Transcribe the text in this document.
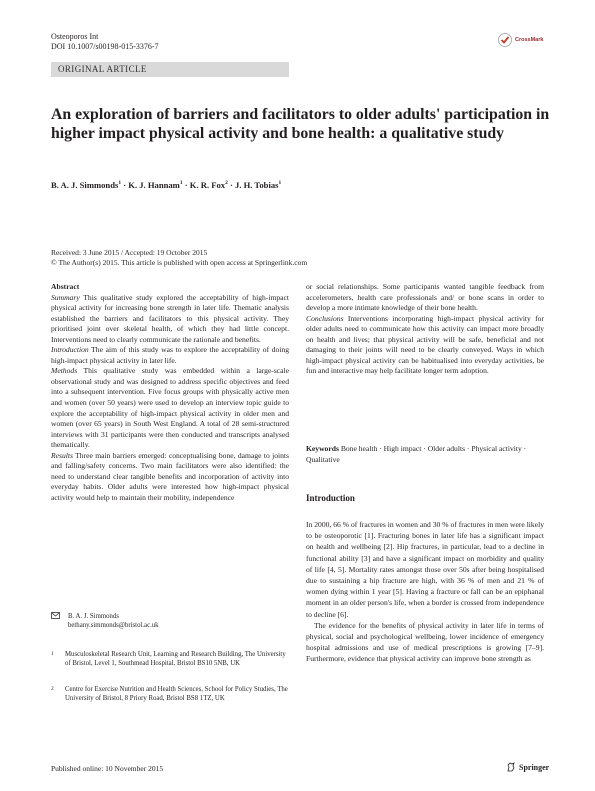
Osteoporos Int
DOI 10.1007/s00198-015-3376-7
CrossMark
ORIGINAL ARTICLE
An exploration of barriers and facilitators to older adults' participation in higher impact physical activity and bone health: a qualitative study
B. A. J. Simmonds$^1$ · K. J. Hannam$^1$ · K. R. Fox$^2$ · J. H. Tobias$^1$
Received: 3 June 2015 / Accepted: 19 October 2015
© The Author(s) 2015. This article is published with open access at Springerlink.com

Abstract

Summary This qualitative study explored the acceptability of high-impact physical activity for increasing bone strength in later life. Thematic analysis established the barriers and facilitators to this physical activity. They prioritised joint over skeletal health, of which they had little concept. Interventions need to clearly communicate the rationale and benefits.

Introduction The aim of this study was to explore the acceptability of doing high-impact physical activity in later life.

Methods This qualitative study was embedded within a large-scale observational study and was designed to address specific objectives and feed into a subsequent intervention. Five focus groups with physically active men and women (over 50 years) were used to develop an interview topic guide to explore the acceptability of high-impact physical activity in older men and women (over 65 years) in South West England. A total of 28 semi-structured interviews with 31 participants were then conducted and transcripts analysed thematically.

Results Three main barriers emerged: conceptualising bone, damage to joints and falling/safety concerns. Two main facilitators were also identified: the need to understand clear tangible benefits and incorporation of activity into everyday habits. Older adults were interested how high-impact physical activity would help to maintain their mobility, independence

or social relationships. Some participants wanted tangible feedback from accelerometers, health care professionals and/ or bone scans in order to develop a more intimate knowledge of their bone health.

Conclusions Interventions incorporating high-impact physical activity for older adults need to communicate how this activity can impact more broadly on health and lives; that physical activity will be safe, beneficial and not damaging to their joints will need to be clearly conveyed. Ways in which high-impact physical activity can be habitualised into everyday activities, be fun and interactive may help facilitate longer term adoption.

Keywords Bone health · High impact · Older adults · Physical activity · Qualitative
Introduction

In 2000, 66 % of fractures in women and 30 % of fractures in men were likely to be osteoporotic [1]. Fracturing bones in later life has a significant impact on health and wellbeing [2]. Hip fractures, in particular, lead to a decline in functional ability [3] and have a significant impact on morbidity and quality of life [4, 5]. Mortality rates amongst those over 50s after being hospitalised due to sustaining a hip fracture are high, with 36 % of men and 21 % of women dying within 1 year [5]. Having a fracture or fall can be an epiphanal moment in an older person's life, when a border is crossed from independence to decline [6].

The evidence for the benefits of physical activity in later life in terms of physical, social and psychological wellbeing, lower incidence of emergency hospital admissions and use of medical prescriptions is growing [7–9]. Furthermore, evidence that physical activity can improve bone strength as

B. A. J. Simmonds
bethany.simmonds@bristol.ac.uk
1	Musculoskeletal Research Unit, Learning and Research Building, The University of Bristol, Level 1, Southmead Hospital, Bristol BS10 5NB, UK
2	Centre for Exercise Nutrition and Health Sciences, School for Policy Studies, The University of Bristol, 8 Priory Road, Bristol BS8 1TZ, UK
Published online: 10 November 2015	Springer
